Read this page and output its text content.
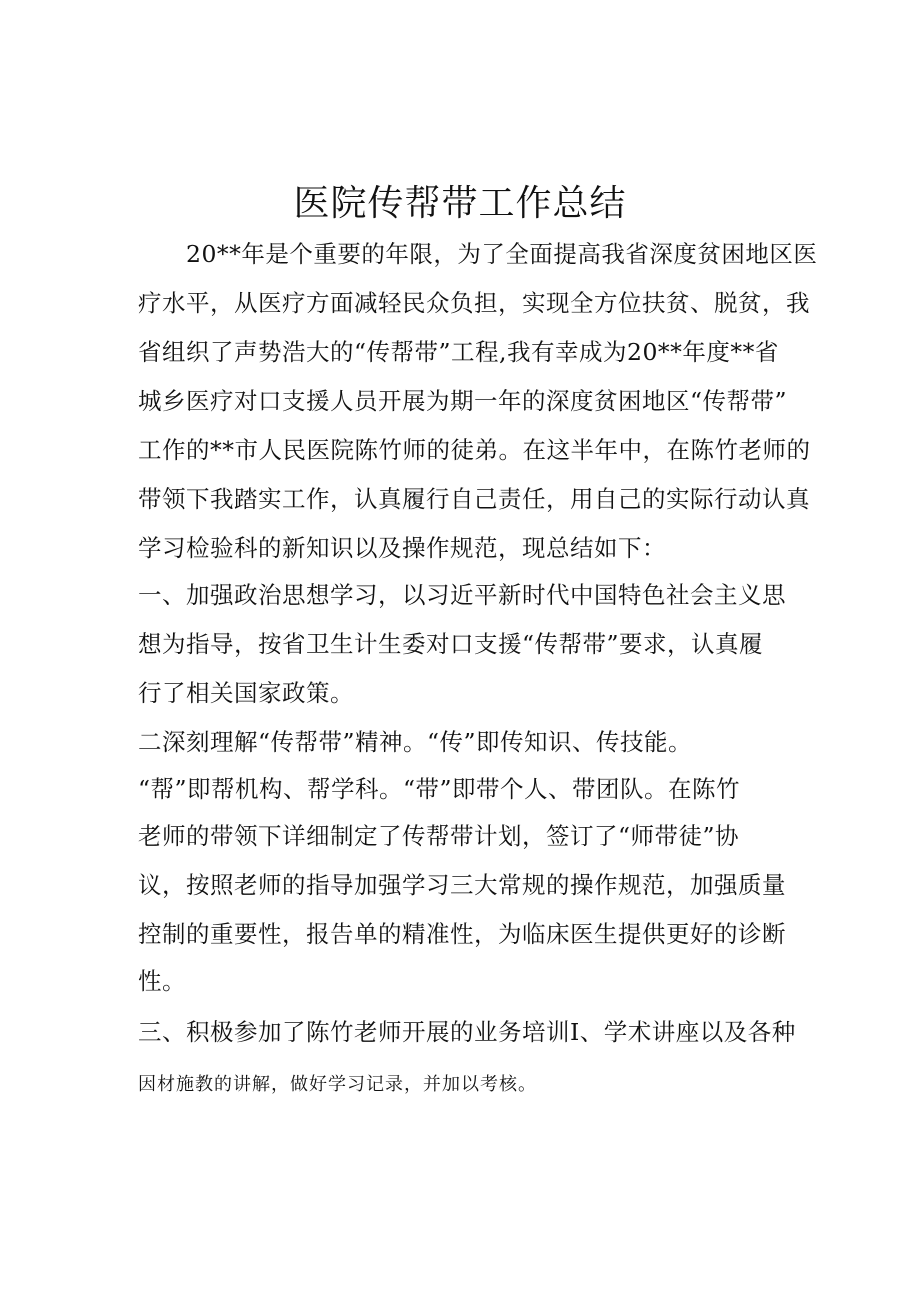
医院传帮带工作总结
20**年是个重要的年限，为了全面提高我省深度贫困地区医
疗水平，从医疗方面减轻民众负担，实现全方位扶贫、脱贫，我
省组织了声势浩大的“传帮带”工程,我有幸成为20**年度**省
城乡医疗对口支援人员开展为期一年的深度贫困地区“传帮带”
工作的**市人民医院陈竹师的徒弟。在这半年中，在陈竹老师的
带领下我踏实工作，认真履行自己责任，用自己的实际行动认真
学习检验科的新知识以及操作规范，现总结如下：
一、加强政治思想学习，以习近平新时代中国特色社会主义思
想为指导，按省卫生计生委对口支援“传帮带”要求，认真履
行了相关国家政策。
二深刻理解“传帮带”精神。“传”即传知识、传技能。
“帮”即帮机构、帮学科。“带”即带个人、带团队。在陈竹
老师的带领下详细制定了传帮带计划，签订了“师带徒”协
议，按照老师的指导加强学习三大常规的操作规范，加强质量
控制的重要性，报告单的精准性，为临床医生提供更好的诊断
性。
三、积极参加了陈竹老师开展的业务培训I、学术讲座以及各种
因材施教的讲解，做好学习记录，并加以考核。
